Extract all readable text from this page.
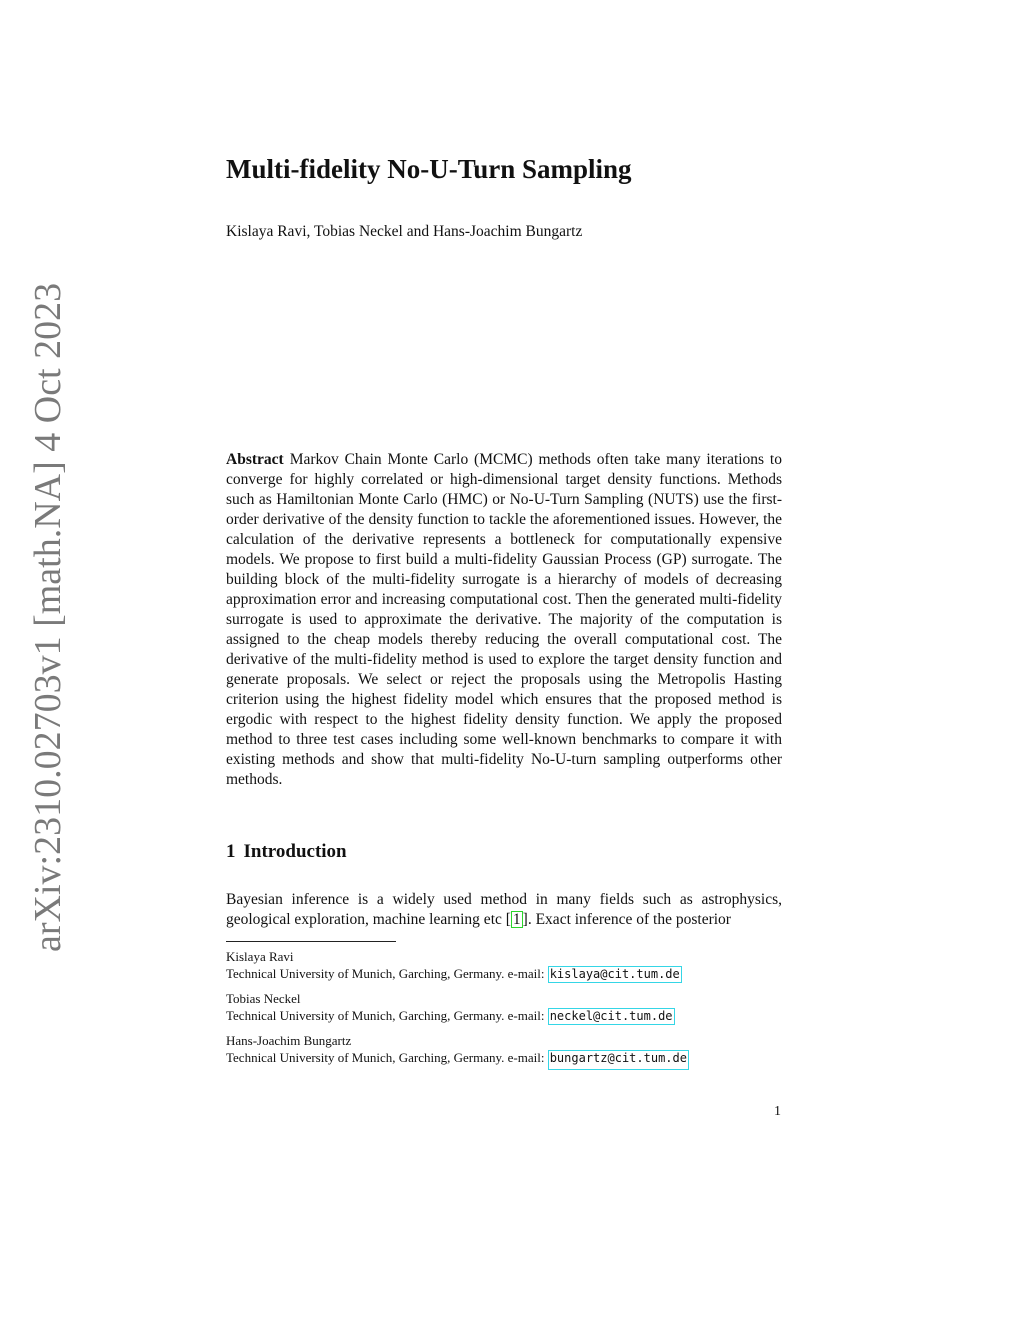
arXiv:2310.02703v1 [math.NA] 4 Oct 2023
Multi-fidelity No-U-Turn Sampling
Kislaya Ravi, Tobias Neckel and Hans-Joachim Bungartz
Abstract Markov Chain Monte Carlo (MCMC) methods often take many iterations to converge for highly correlated or high-dimensional target density functions. Methods such as Hamiltonian Monte Carlo (HMC) or No-U-Turn Sampling (NUTS) use the first-order derivative of the density function to tackle the aforementioned issues. However, the calculation of the derivative represents a bottleneck for computationally expensive models. We propose to first build a multi-fidelity Gaussian Process (GP) surrogate. The building block of the multi-fidelity surrogate is a hierarchy of models of decreasing approximation error and increasing computational cost. Then the generated multi-fidelity surrogate is used to approximate the derivative. The majority of the computation is assigned to the cheap models thereby reducing the overall computational cost. The derivative of the multi-fidelity method is used to explore the target density function and generate proposals. We select or reject the proposals using the Metropolis Hasting criterion using the highest fidelity model which ensures that the proposed method is ergodic with respect to the highest fidelity density function. We apply the proposed method to three test cases including some well-known benchmarks to compare it with existing methods and show that multi-fidelity No-U-turn sampling outperforms other methods.
1 Introduction
Bayesian inference is a widely used method in many fields such as astrophysics, geological exploration, machine learning etc [ 1 ]. Exact inference of the posterior
Kislaya Ravi
Technical University of Munich, Garching, Germany. e-mail: kislaya@cit.tum.de
Tobias Neckel
Technical University of Munich, Garching, Germany. e-mail: neckel@cit.tum.de
Hans-Joachim Bungartz
Technical University of Munich, Garching, Germany. e-mail: bungartz@cit.tum.de
1
